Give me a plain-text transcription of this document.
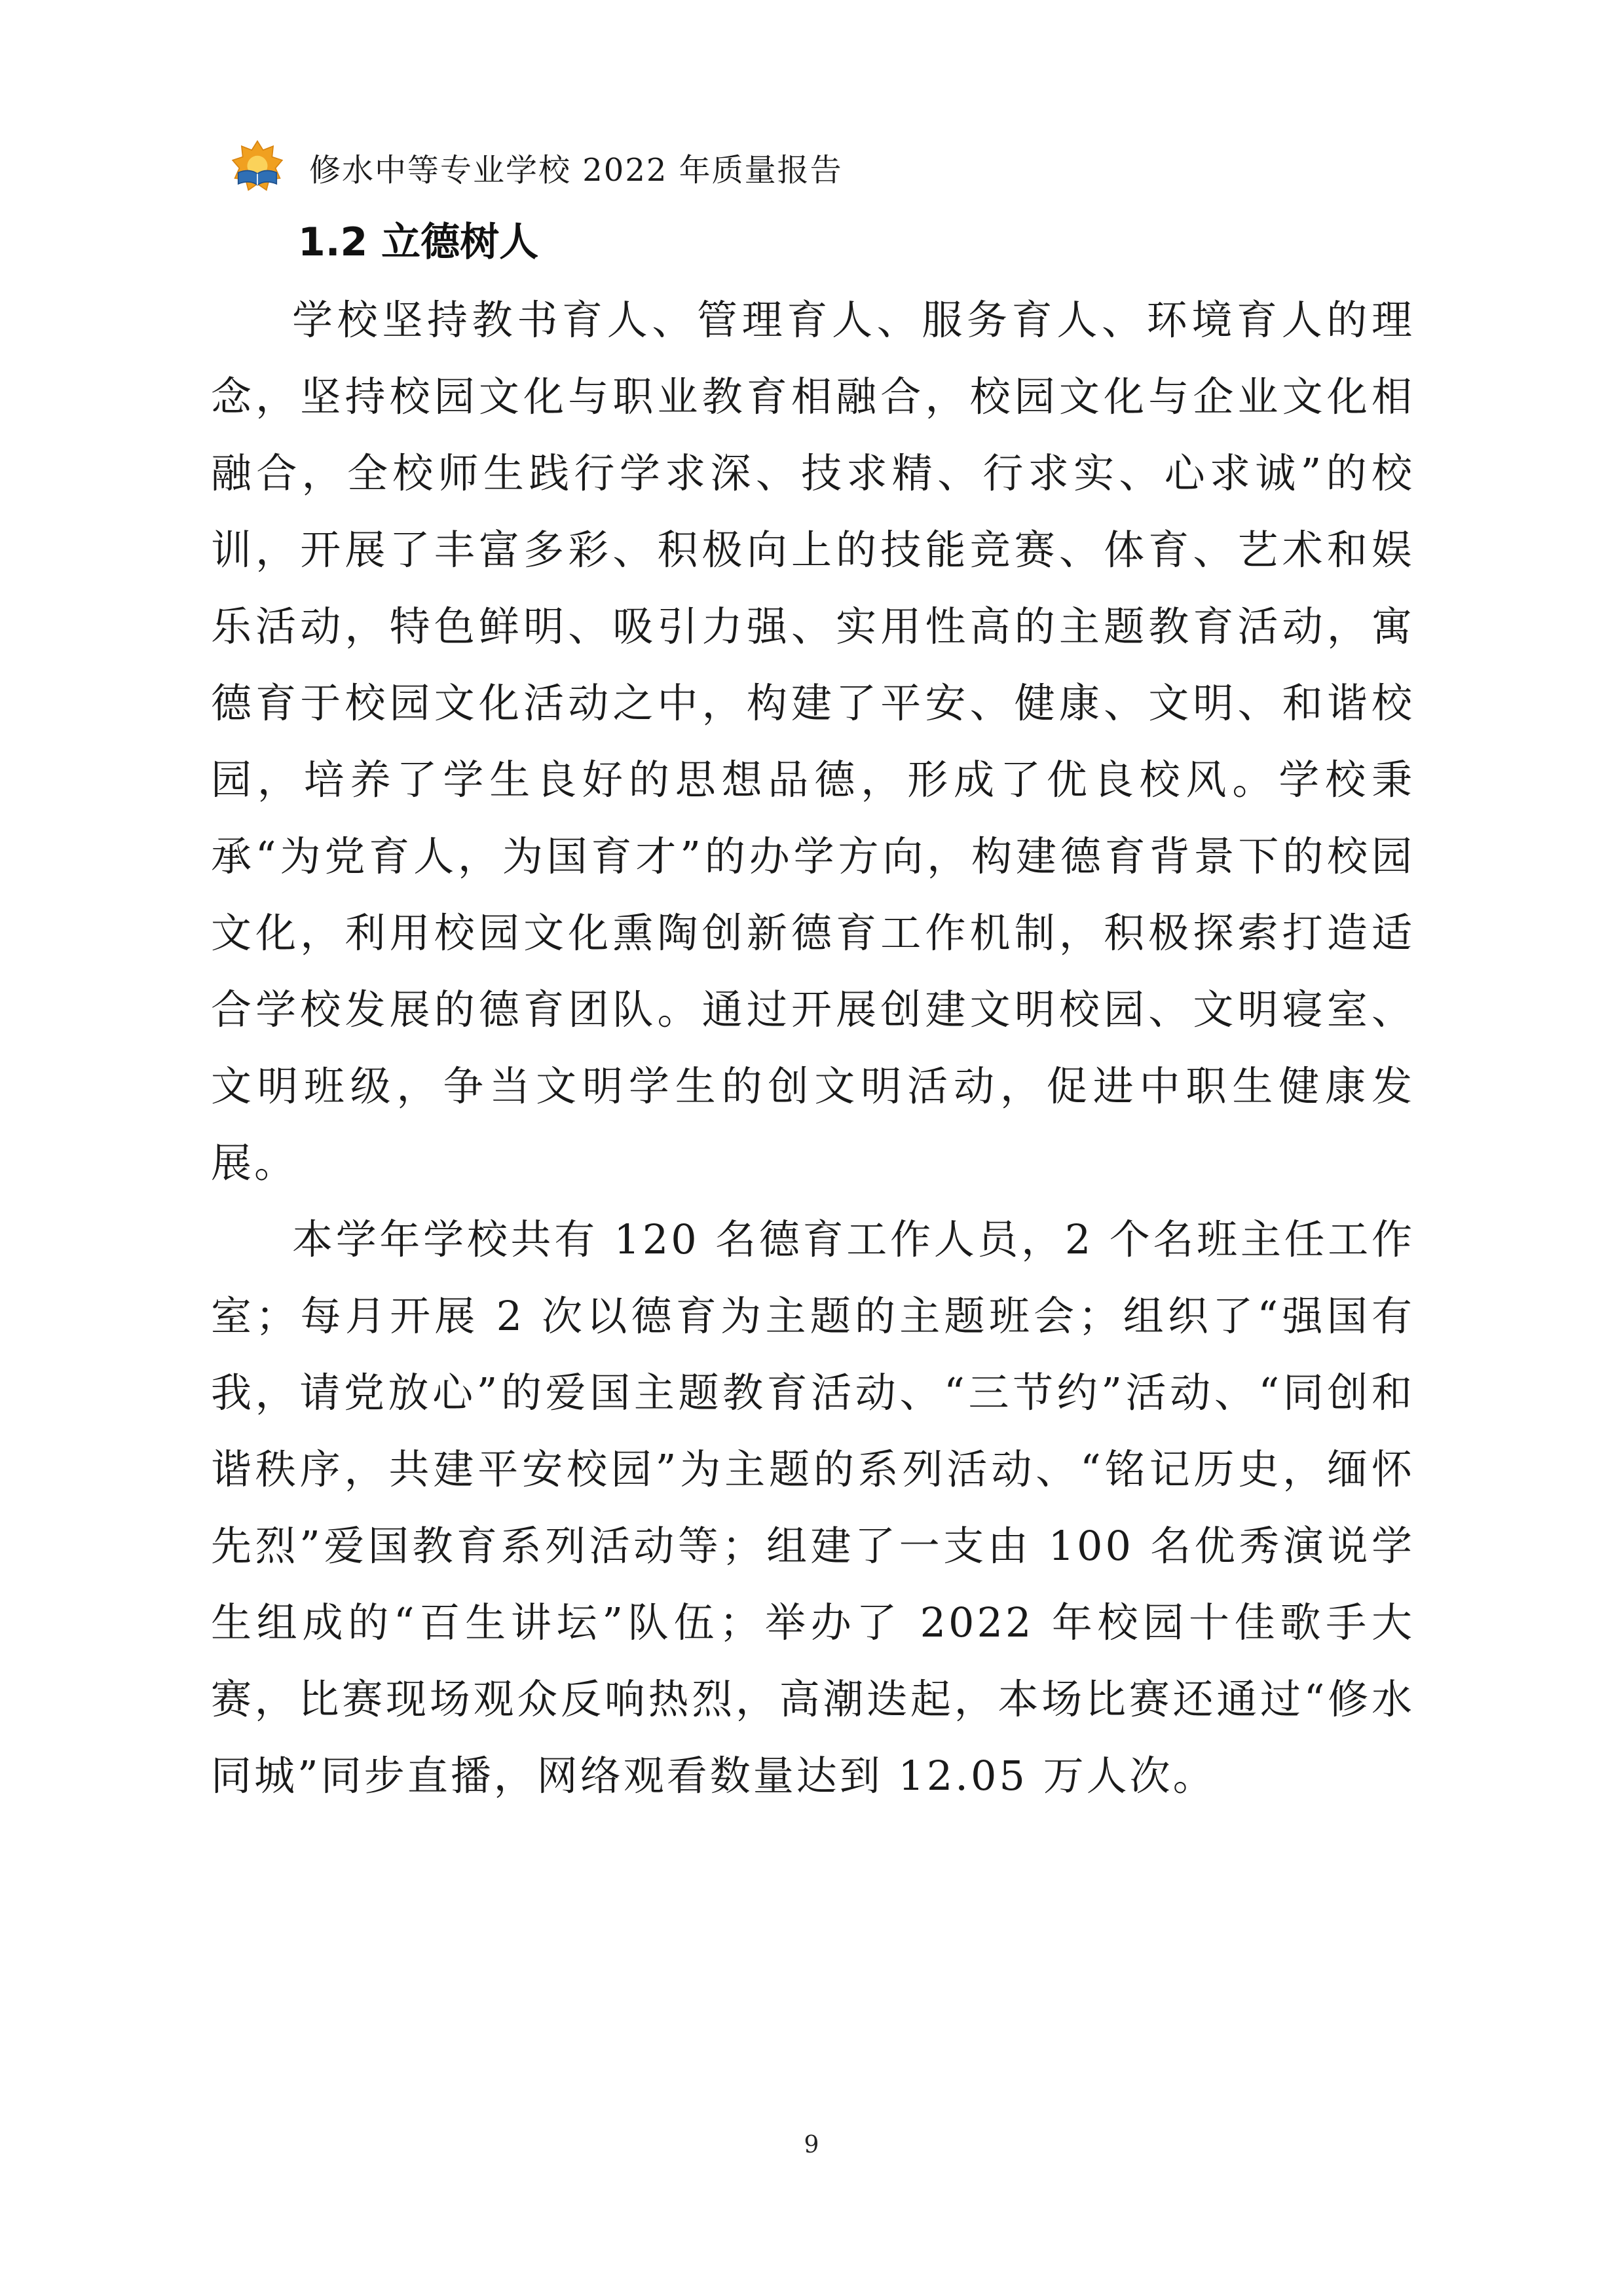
修水中等专业学校 2022 年质量报告
1.2 立德树人

学校坚持教书育人、管理育人、服务育人、环境育人的理念，坚持校园文化与职业教育相融合，校园文化与企业文化相融合，全校师生践行学求深、技求精、行求实、心求诚”的校训，开展了丰富多彩、积极向上的技能竞赛、体育、艺术和娱乐活动，特色鲜明、吸引力强、实用性高的主题教育活动，寓德育于校园文化活动之中，构建了平安、健康、文明、和谐校园，培养了学生良好的思想品德，形成了优良校风。学校秉承“为党育人，为国育才”的办学方向，构建德育背景下的校园文化，利用校园文化熏陶创新德育工作机制，积极探索打造适合学校发展的德育团队。通过开展创建文明校园、文明寝室、文明班级，争当文明学生的创文明活动，促进中职生健康发展。

本学年学校共有 120 名德育工作人员，2 个名班主任工作室；每月开展 2 次以德育为主题的主题班会；组织了“强国有我，请党放心”的爱国主题教育活动、“三节约”活动、“同创和谐秩序，共建平安校园”为主题的系列活动、“铭记历史，缅怀先烈”爱国教育系列活动等；组建了一支由 100 名优秀演说学生组成的“百生讲坛”队伍；举办了 2022 年校园十佳歌手大赛，比赛现场观众反响热烈，高潮迭起，本场比赛还通过“修水同城”同步直播，网络观看数量达到 12.05 万人次。

9
